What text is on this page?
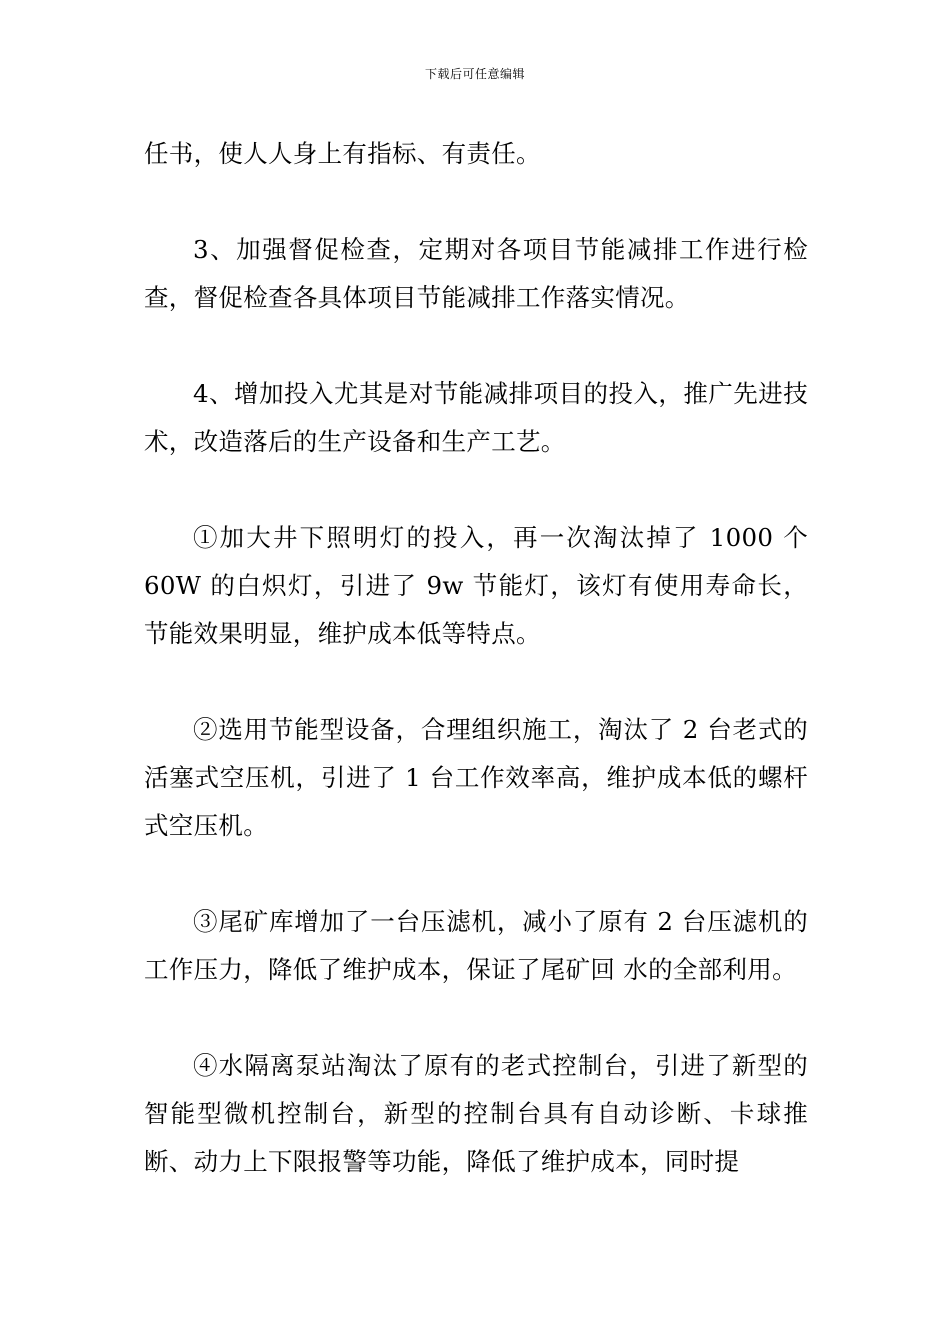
下载后可任意编辑

任书，使人人身上有指标、有责任。

3、加强督促检查，定期对各项目节能减排工作进行检查，督促检查各具体项目节能减排工作落实情况。

4、增加投入尤其是对节能减排项目的投入，推广先进技术，改造落后的生产设备和生产工艺。

①加大井下照明灯的投入，再一次淘汰掉了 1000 个 60W 的白炽灯，引进了 9w 节能灯，该灯有使用寿命长，节能效果明显，维护成本低等特点。

②选用节能型设备，合理组织施工，淘汰了 2 台老式的活塞式空压机，引进了 1 台工作效率高，维护成本低的螺杆式空压机。

③尾矿库增加了一台压滤机，减小了原有 2 台压滤机的工作压力，降低了维护成本，保证了尾矿回 水的全部利用。

④水隔离泵站淘汰了原有的老式控制台，引进了新型的智能型微机控制台，新型的控制台具有自动诊断、卡球推断、动力上下限报警等功能，降低了维护成本，同时提
